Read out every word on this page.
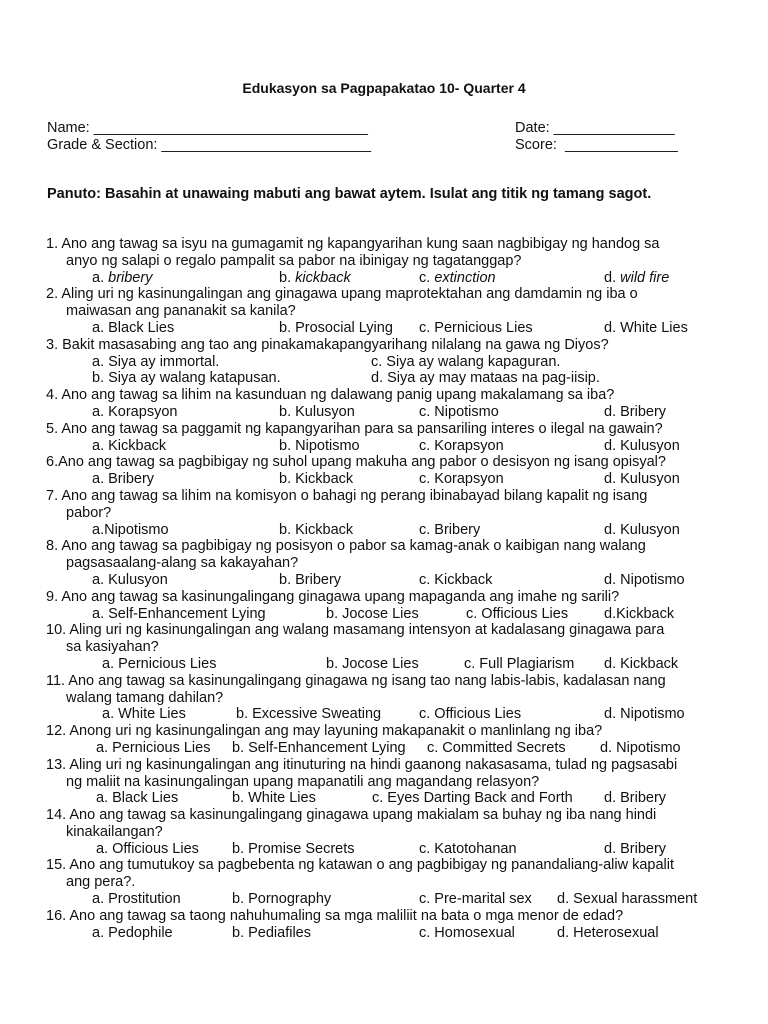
Edukasyon sa Pagpapakatao 10- Quarter 4
Name: __________________________________	Date: _______________
Grade & Section: __________________________	Score:  ______________
Panuto: Basahin at unawaing mabuti ang bawat aytem. Isulat ang titik ng tamang sagot.
1. Ano ang tawag sa isyu na gumagamit ng kapangyarihan kung saan nagbibigay ng handog sa
anyo ng salapi o regalo pampalit sa pabor na ibinigay ng tagatanggap?
a. bribery	b. kickback	c. extinction	d. wild fire
2. Aling uri ng kasinungalingan ang ginagawa upang maprotektahan ang damdamin ng iba o
maiwasan ang pananakit sa kanila?
a. Black Lies	b. Prosocial Lying c. Pernicious Lies	d. White Lies
3. Bakit masasabing ang tao ang pinakamakapangyarihang nilalang na gawa ng Diyos?
a. Siya ay immortal.	c. Siya ay walang kapaguran.
b. Siya ay walang katapusan.	d. Siya ay may mataas na pag-iisip.
4. Ano ang tawag sa lihim na kasunduan ng dalawang panig upang makalamang sa iba?
a. Korapsyon	b. Kulusyon	c. Nipotismo	d. Bribery
5. Ano ang tawag sa paggamit ng kapangyarihan para sa pansariling interes o ilegal na gawain?
a. Kickback	b. Nipotismo	c. Korapsyon	d. Kulusyon
6.Ano ang tawag sa pagbibigay ng suhol upang makuha ang pabor o desisyon ng isang opisyal?
a. Bribery	b. Kickback	c. Korapsyon	d. Kulusyon
7. Ano ang tawag sa lihim na komisyon o bahagi ng perang ibinabayad bilang kapalit ng isang
pabor?
a.Nipotismo	b. Kickback	c. Bribery	d. Kulusyon
8. Ano ang tawag sa pagbibigay ng posisyon o pabor sa kamag-anak o kaibigan nang walang
pagsasaalang-alang sa kakayahan?
a. Kulusyon	b. Bribery	c. Kickback	d. Nipotismo
9. Ano ang tawag sa kasinungalingang ginagawa upang mapaganda ang imahe ng sarili?
a. Self-Enhancement Lying	b. Jocose Lies	c. Officious Lies d.Kickback
10. Aling uri ng kasinungalingan ang walang masamang intensyon at kadalasang ginagawa para
sa kasiyahan?
a. Pernicious Lies	b. Jocose Lies	c. Full Plagiarism d. Kickback
11. Ano ang tawag sa kasinungalingang ginagawa ng isang tao nang labis-labis, kadalasan nang
walang tamang dahilan?
a. White Lies	b. Excessive Sweating	c. Officious Lies	d. Nipotismo
12. Anong uri ng kasinungalingan ang may layuning makapanakit o manlinlang ng iba?
a. Pernicious Lies b. Self-Enhancement Lying c. Committed Secrets d. Nipotismo
13. Aling uri ng kasinungalingan ang itinuturing na hindi gaanong nakasasama, tulad ng pagsasabi
ng maliit na kasinungalingan upang mapanatili ang magandang relasyon?
a. Black Lies	b. White Lies	c. Eyes Darting Back and Forth d. Bribery
14. Ano ang tawag sa kasinungalingang ginagawa upang makialam sa buhay ng iba nang hindi
kinakailangan?
a. Officious Lies b. Promise Secrets	c. Katotohanan	d. Bribery
15. Ano ang tumutukoy sa pagbebenta ng katawan o ang pagbibigay ng panandaliang-aliw kapalit
ang pera?.
a. Prostitution	b. Pornography	c. Pre-marital sex d. Sexual harassment
16. Ano ang tawag sa taong nahuhumaling sa mga maliliit na bata o mga menor de edad?
a. Pedophile	b. Pediafiles	c. Homosexual	d. Heterosexual
